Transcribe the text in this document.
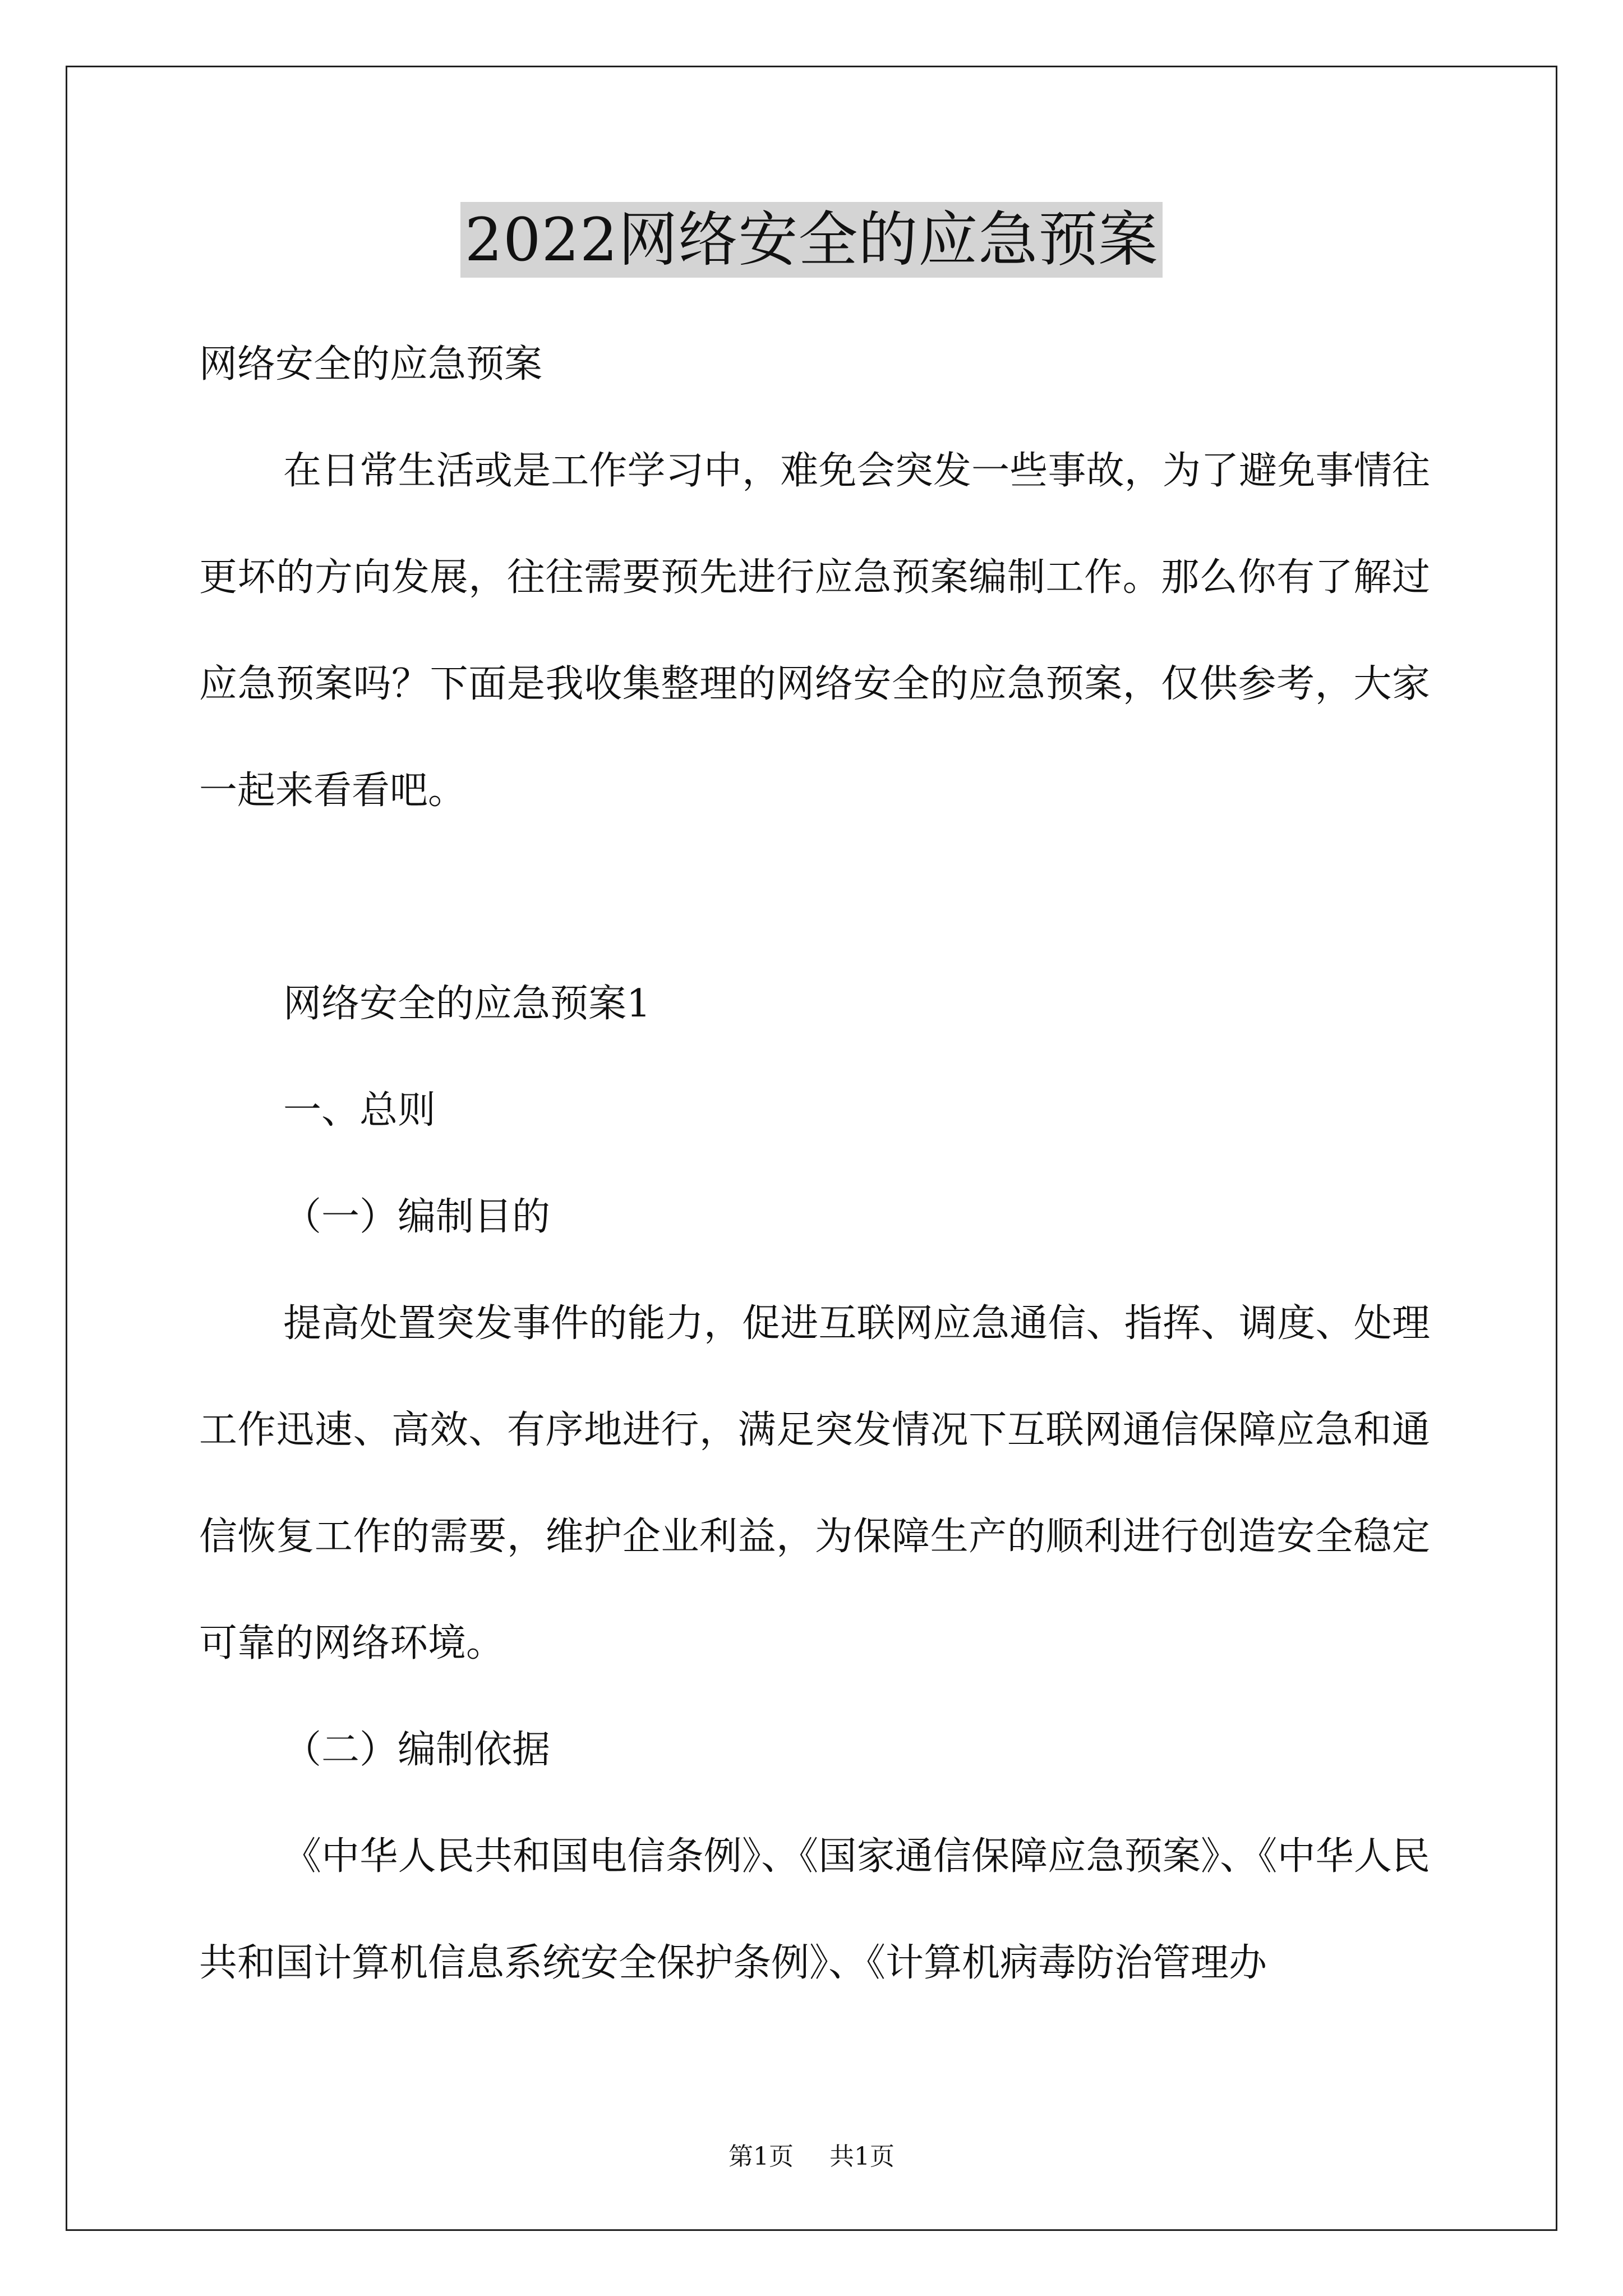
2022网络安全的应急预案

网络安全的应急预案

在日常生活或是工作学习中，难免会突发一些事故，为了避免事情往更坏的方向发展，往往需要预先进行应急预案编制工作。那么你有了解过应急预案吗？下面是我收集整理的网络安全的应急预案，仅供参考，大家一起来看看吧。

网络安全的应急预案1

一、总则

（一）编制目的

提高处置突发事件的能力，促进互联网应急通信、指挥、调度、处理工作迅速、高效、有序地进行，满足突发情况下互联网通信保障应急和通信恢复工作的需要，维护企业利益，为保障生产的顺利进行创造安全稳定可靠的网络环境。

（二）编制依据

《中华人民共和国电信条例》、《国家通信保障应急预案》、《中华人民共和国计算机信息系统安全保护条例》、《计算机病毒防治管理办

第1页 共1页
